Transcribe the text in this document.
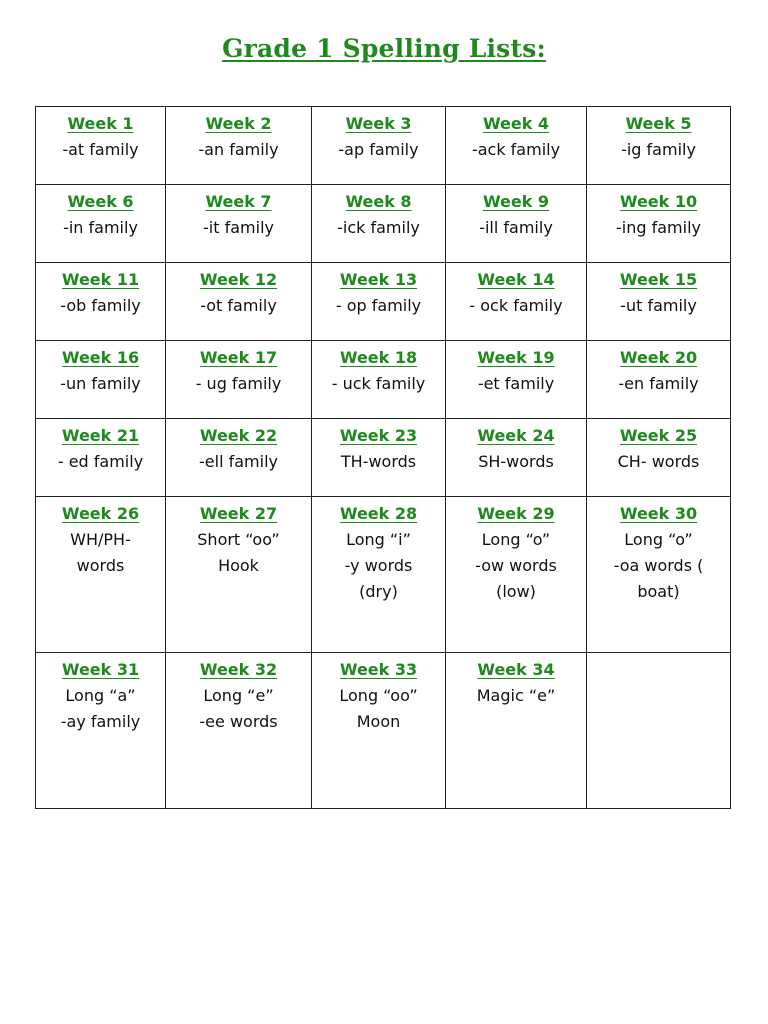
Grade 1 Spelling Lists:
Week 1
-at family	Week 2
-an family	Week 3
-ap family	Week 4
-ack family	Week 5
-ig family

Week 6
-in family	Week 7
-it family	Week 8
-ick family	Week 9
-ill family	Week 10
-ing family

Week 11
-ob family	Week 12
-ot family	Week 13
- op family	Week 14
- ock family	Week 15
-ut family

Week 16
-un family	Week 17
- ug family	Week 18
- uck family	Week 19
-et family	Week 20
-en family

Week 21
- ed family	Week 22
-ell family	Week 23
TH-words	Week 24
SH-words	Week 25
CH- words

Week 26
WH/PH-
words	Week 27
Short “oo”
Hook	Week 28
Long “i”
-y words
(dry)	Week 29
Long “o”
-ow words
(low)	Week 30
Long “o”
-oa words (
boat)

Week 31
Long “a”
-ay family	Week 32
Long “e”
-ee words	Week 33
Long “oo”
Moon	Week 34
Magic “e”	
